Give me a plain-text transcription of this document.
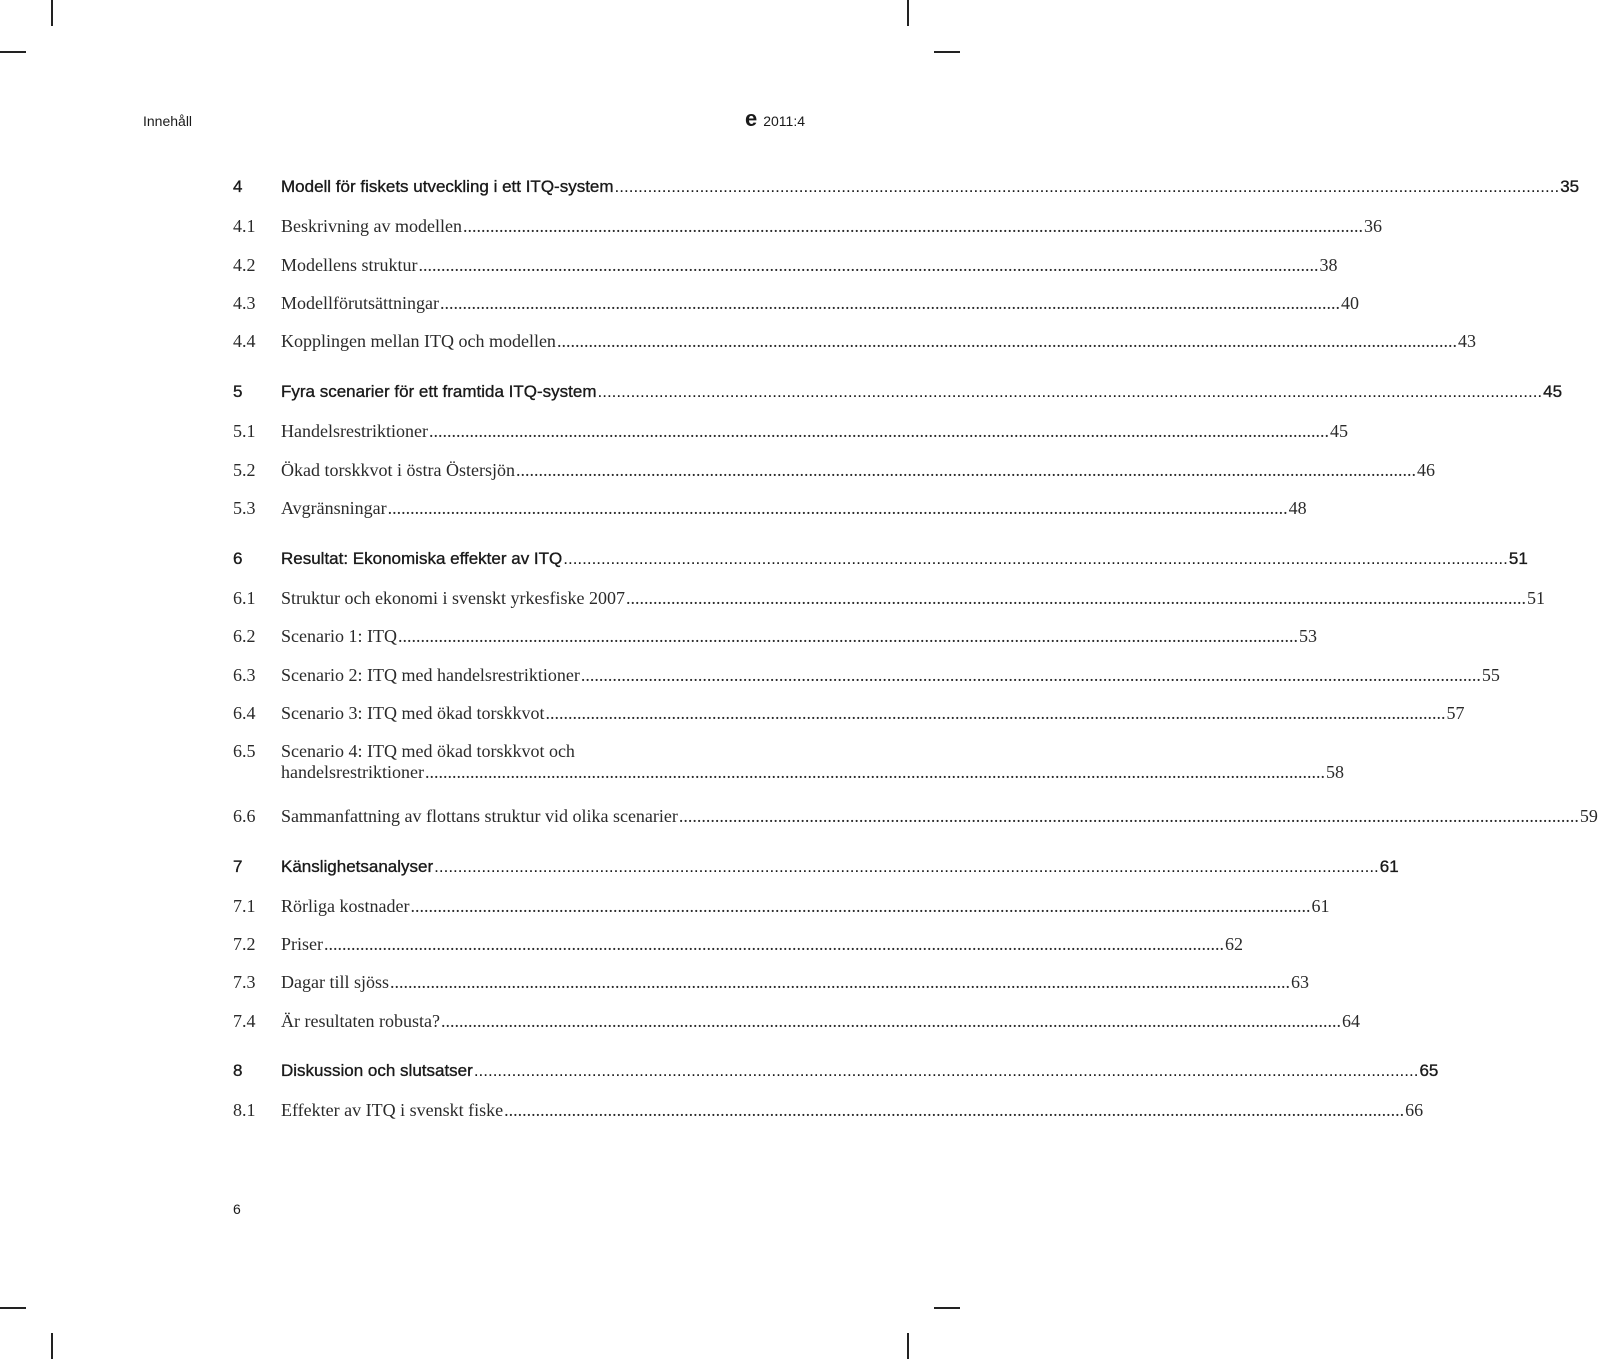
Innehåll	e 2011:4
4	Modell för fiskets utveckling i ett ITQ-system .....	35
4.1	Beskrivning av modellen .....	36
4.2	Modellens struktur .....	38
4.3	Modellförutsättningar .....	40
4.4	Kopplingen mellan ITQ och modellen .....	43
5	Fyra scenarier för ett framtida ITQ-system .....	45
5.1	Handelsrestriktioner .....	45
5.2	Ökad torskkvot i östra Östersjön .....	46
5.3	Avgränsningar .....	48
6	Resultat: Ekonomiska effekter av ITQ .....	51
6.1	Struktur och ekonomi i svenskt yrkesfiske 2007 .....	51
6.2	Scenario 1: ITQ .....	53
6.3	Scenario 2: ITQ med handelsrestriktioner .....	55
6.4	Scenario 3: ITQ med ökad torskkvot .....	57
6.5	Scenario 4: ITQ med ökad torskkvot och
handelsrestriktioner .....	58
6.6	Sammanfattning av flottans struktur vid olika scenarier .....	59
7	Känslighetsanalyser .....	61
7.1	Rörliga kostnader .....	61
7.2	Priser .....	62
7.3	Dagar till sjöss .....	63
7.4	Är resultaten robusta? .....	64
8	Diskussion och slutsatser .....	65
8.1	Effekter av ITQ i svenskt fiske .....	66
6
